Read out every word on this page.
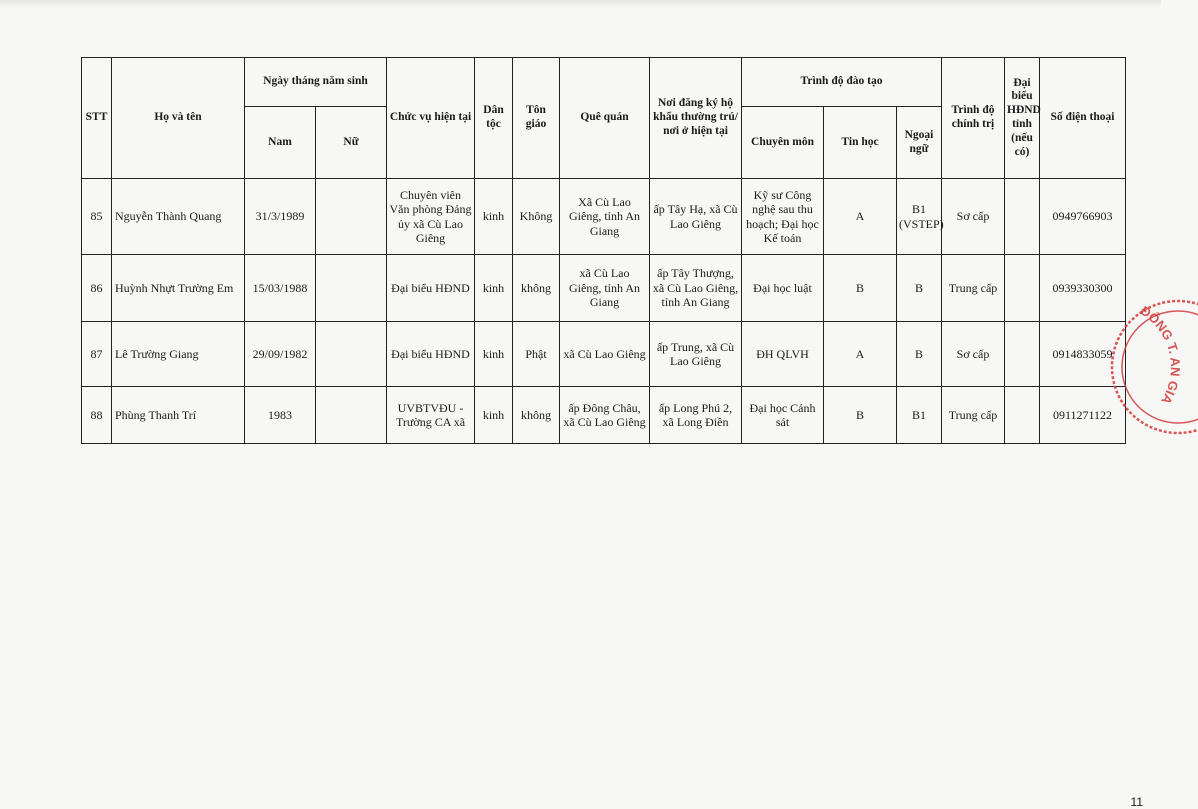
STT	Họ và tên	Ngày tháng năm sinh		Chức vụ hiện tại	Dân tộc	Tôn giáo	Quê quán	Nơi đăng ký hộ khẩu thường trú/ nơi ở hiện tại	Trình độ đào tạo			Trình độ chính trị	Đại biểu HĐND tỉnh (nếu có)	Số điện thoại
		Nam	Nữ						Chuyên môn	Tin học	Ngoại ngữ			
85	Nguyễn Thành Quang	31/3/1989		Chuyên viên Văn phòng Đảng ủy xã Cù Lao Giêng	kinh	Không	Xã Cù Lao Giêng, tỉnh An Giang	ấp Tây Hạ, xã Cù Lao Giêng	Kỹ sư Công nghệ sau thu hoạch; Đại học Kế toán	A	B1 (VSTEP)	Sơ cấp		0949766903
86	Huỳnh Nhựt Trường Em	15/03/1988		Đại biểu HĐND	kinh	không	xã Cù Lao Giêng, tỉnh An Giang	ấp Tây Thượng, xã Cù Lao Giêng, tỉnh An Giang	Đại học luật	B	B	Trung cấp		0939330300
87	Lê Trường Giang	29/09/1982		Đại biểu HĐND	kinh	Phật	xã Cù Lao Giêng	ấp Trung, xã Cù Lao Giêng	ĐH QLVH	A	B	Sơ cấp		0914833059
88	Phùng Thanh Trí	1983		UVBTVĐU - Trường CA xã	kinh	không	ấp Đông Châu, xã Cù Lao Giêng	ấp Long Phú 2, xã Long Điền	Đại học Cảnh sát	B	B1	Trung cấp		0911271122
ĐÔNG T. AN GIA
11
